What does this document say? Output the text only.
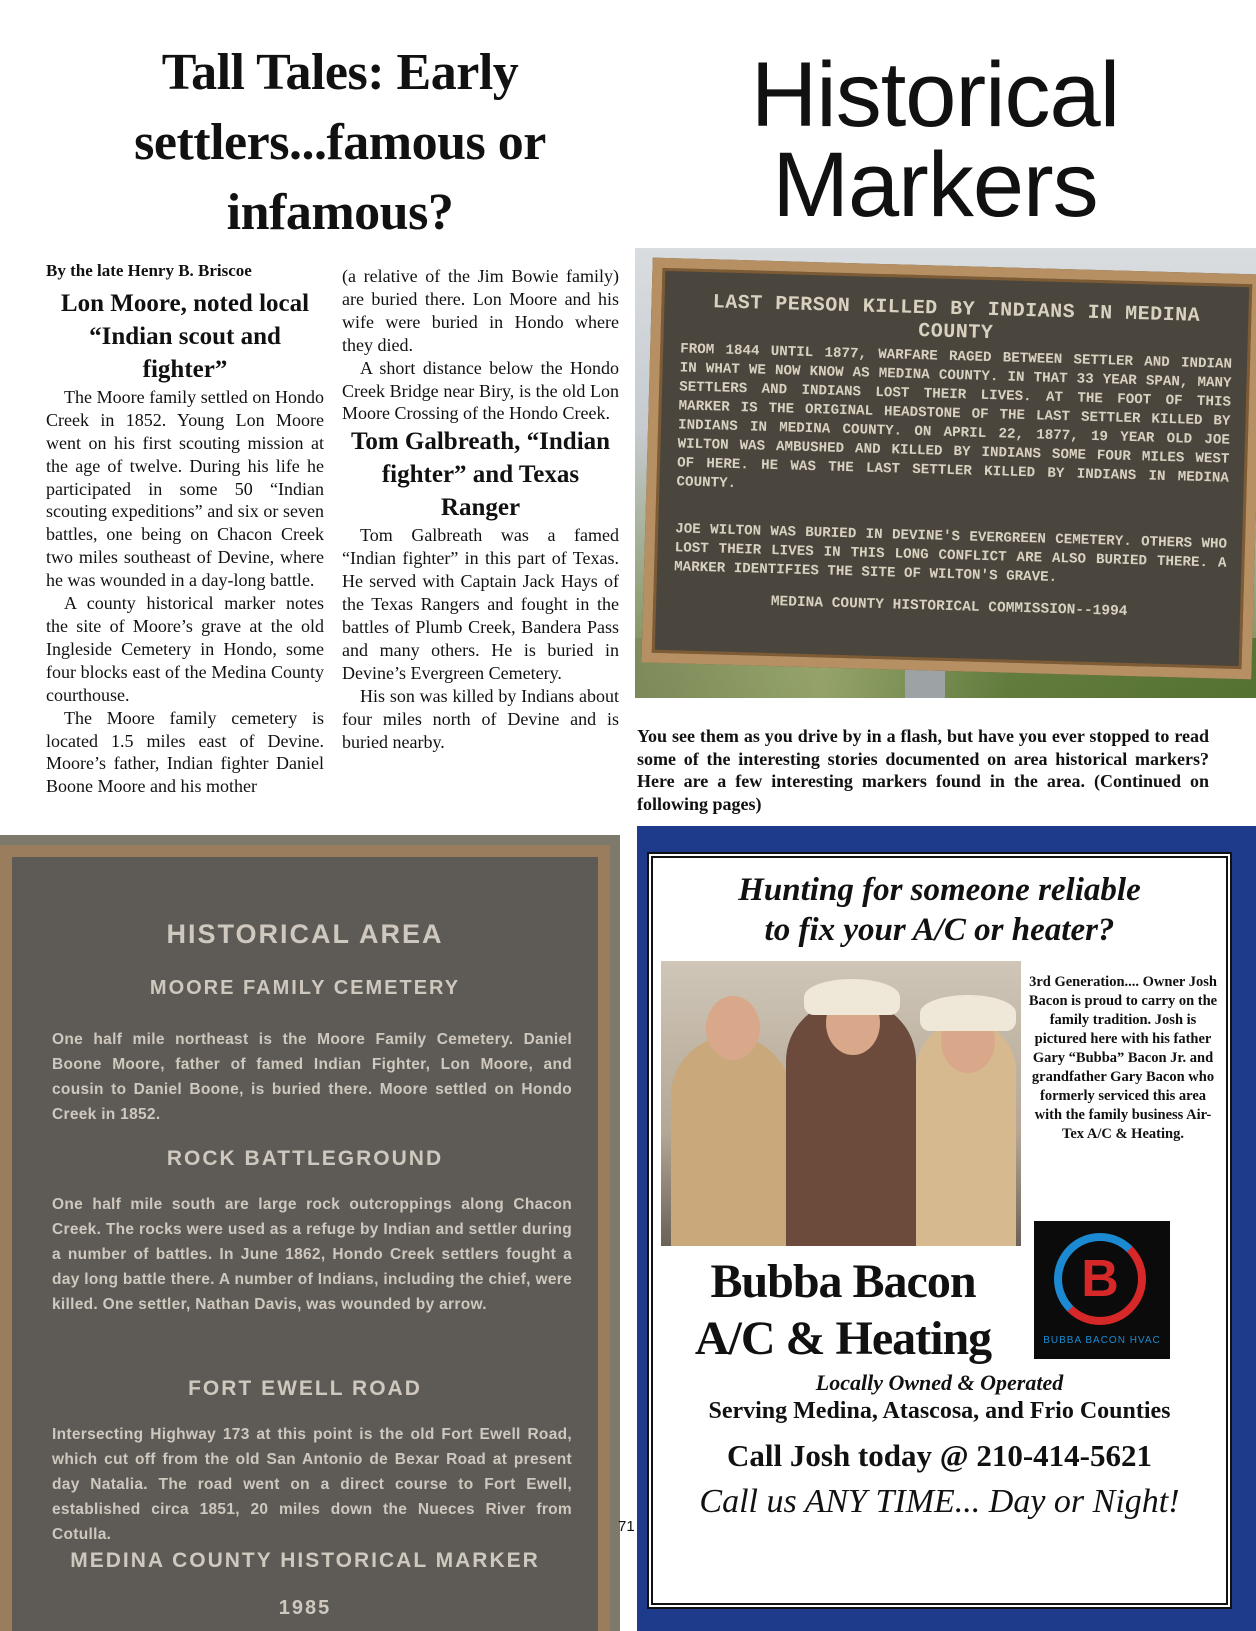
Tall Tales: Early settlers...famous or infamous?

By the late Henry B. Briscoe

Lon Moore, noted local “Indian scout and fighter”

The Moore family settled on Hondo Creek in 1852. Young Lon Moore went on his first scouting mission at the age of twelve. During his life he participated in some 50 “Indian scouting expeditions” and six or seven battles, one being on Chacon Creek two miles southeast of Devine, where he was wounded in a day-long battle.

A county historical marker notes the site of Moore’s grave at the old Ingleside Cemetery in Hondo, some four blocks east of the Medina County courthouse.

The Moore family cemetery is located 1.5 miles east of Devine. Moore’s father, Indian fighter Daniel Boone Moore and his mother

(a relative of the Jim Bowie family) are buried there. Lon Moore and his wife were buried in Hondo where they died.

A short distance below the Hondo Creek Bridge near Biry, is the old Lon Moore Crossing of the Hondo Creek.

Tom Galbreath, “Indian fighter” and Texas Ranger

Tom Galbreath was a famed “Indian fighter” in this part of Texas. He served with Captain Jack Hays of the Texas Rangers and fought in the battles of Plumb Creek, Bandera Pass and many others. He is buried in Devine’s Evergreen Cemetery.

His son was killed by Indians about four miles north of Devine and is buried nearby.

Historical Markers
LAST PERSON KILLED BY INDIANS IN MEDINA COUNTY
FROM 1844 UNTIL 1877, WARFARE RAGED BETWEEN SETTLER AND INDIAN IN WHAT WE NOW KNOW AS MEDINA COUNTY. IN THAT 33 YEAR SPAN, MANY SETTLERS AND INDIANS LOST THEIR LIVES. AT THE FOOT OF THIS MARKER IS THE ORIGINAL HEADSTONE OF THE LAST SETTLER KILLED BY INDIANS IN MEDINA COUNTY. ON APRIL 22, 1877, 19 YEAR OLD JOE WILTON WAS AMBUSHED AND KILLED BY INDIANS SOME FOUR MILES WEST OF HERE. HE WAS THE LAST SETTLER KILLED BY INDIANS IN MEDINA COUNTY.
JOE WILTON WAS BURIED IN DEVINE'S EVERGREEN CEMETERY. OTHERS WHO LOST THEIR LIVES IN THIS LONG CONFLICT ARE ALSO BURIED THERE. A MARKER IDENTIFIES THE SITE OF WILTON'S GRAVE.
MEDINA COUNTY HISTORICAL COMMISSION--1994
You see them as you drive by in a flash, but have you ever stopped to read some of the interesting stories documented on area historical markers? Here are a few interesting markers found in the area. (Continued on following pages)
HISTORICAL AREA
MOORE FAMILY CEMETERY
One half mile northeast is the Moore Family Cemetery. Daniel Boone Moore, father of famed Indian Fighter, Lon Moore, and cousin to Daniel Boone, is buried there. Moore settled on Hondo Creek in 1852.
ROCK BATTLEGROUND
One half mile south are large rock outcroppings along Chacon Creek. The rocks were used as a refuge by Indian and settler during a number of battles. In June 1862, Hondo Creek settlers fought a day long battle there. A number of Indians, including the chief, were killed. One settler, Nathan Davis, was wounded by arrow.
FORT EWELL ROAD
Intersecting Highway 173 at this point is the old Fort Ewell Road, which cut off from the old San Antonio de Bexar Road at present day Natalia. The road went on a direct course to Fort Ewell, established circa 1851, 20 miles down the Nueces River from Cotulla.
MEDINA COUNTY HISTORICAL MARKER
1985
71
Hunting for someone reliable
to fix your A/C or heater?
3rd Generation.... Owner Josh Bacon is proud to carry on the family tradition. Josh is pictured here with his father Gary “Bubba” Bacon Jr. and grandfather Gary Bacon who formerly serviced this area with the family business Air-Tex A/C & Heating.
B
BUBBA BACON HVAC
Bubba Bacon
A/C & Heating
Locally Owned & Operated
Serving Medina, Atascosa, and Frio Counties
Call Josh today @ 210-414-5621
Call us ANY TIME... Day or Night!
